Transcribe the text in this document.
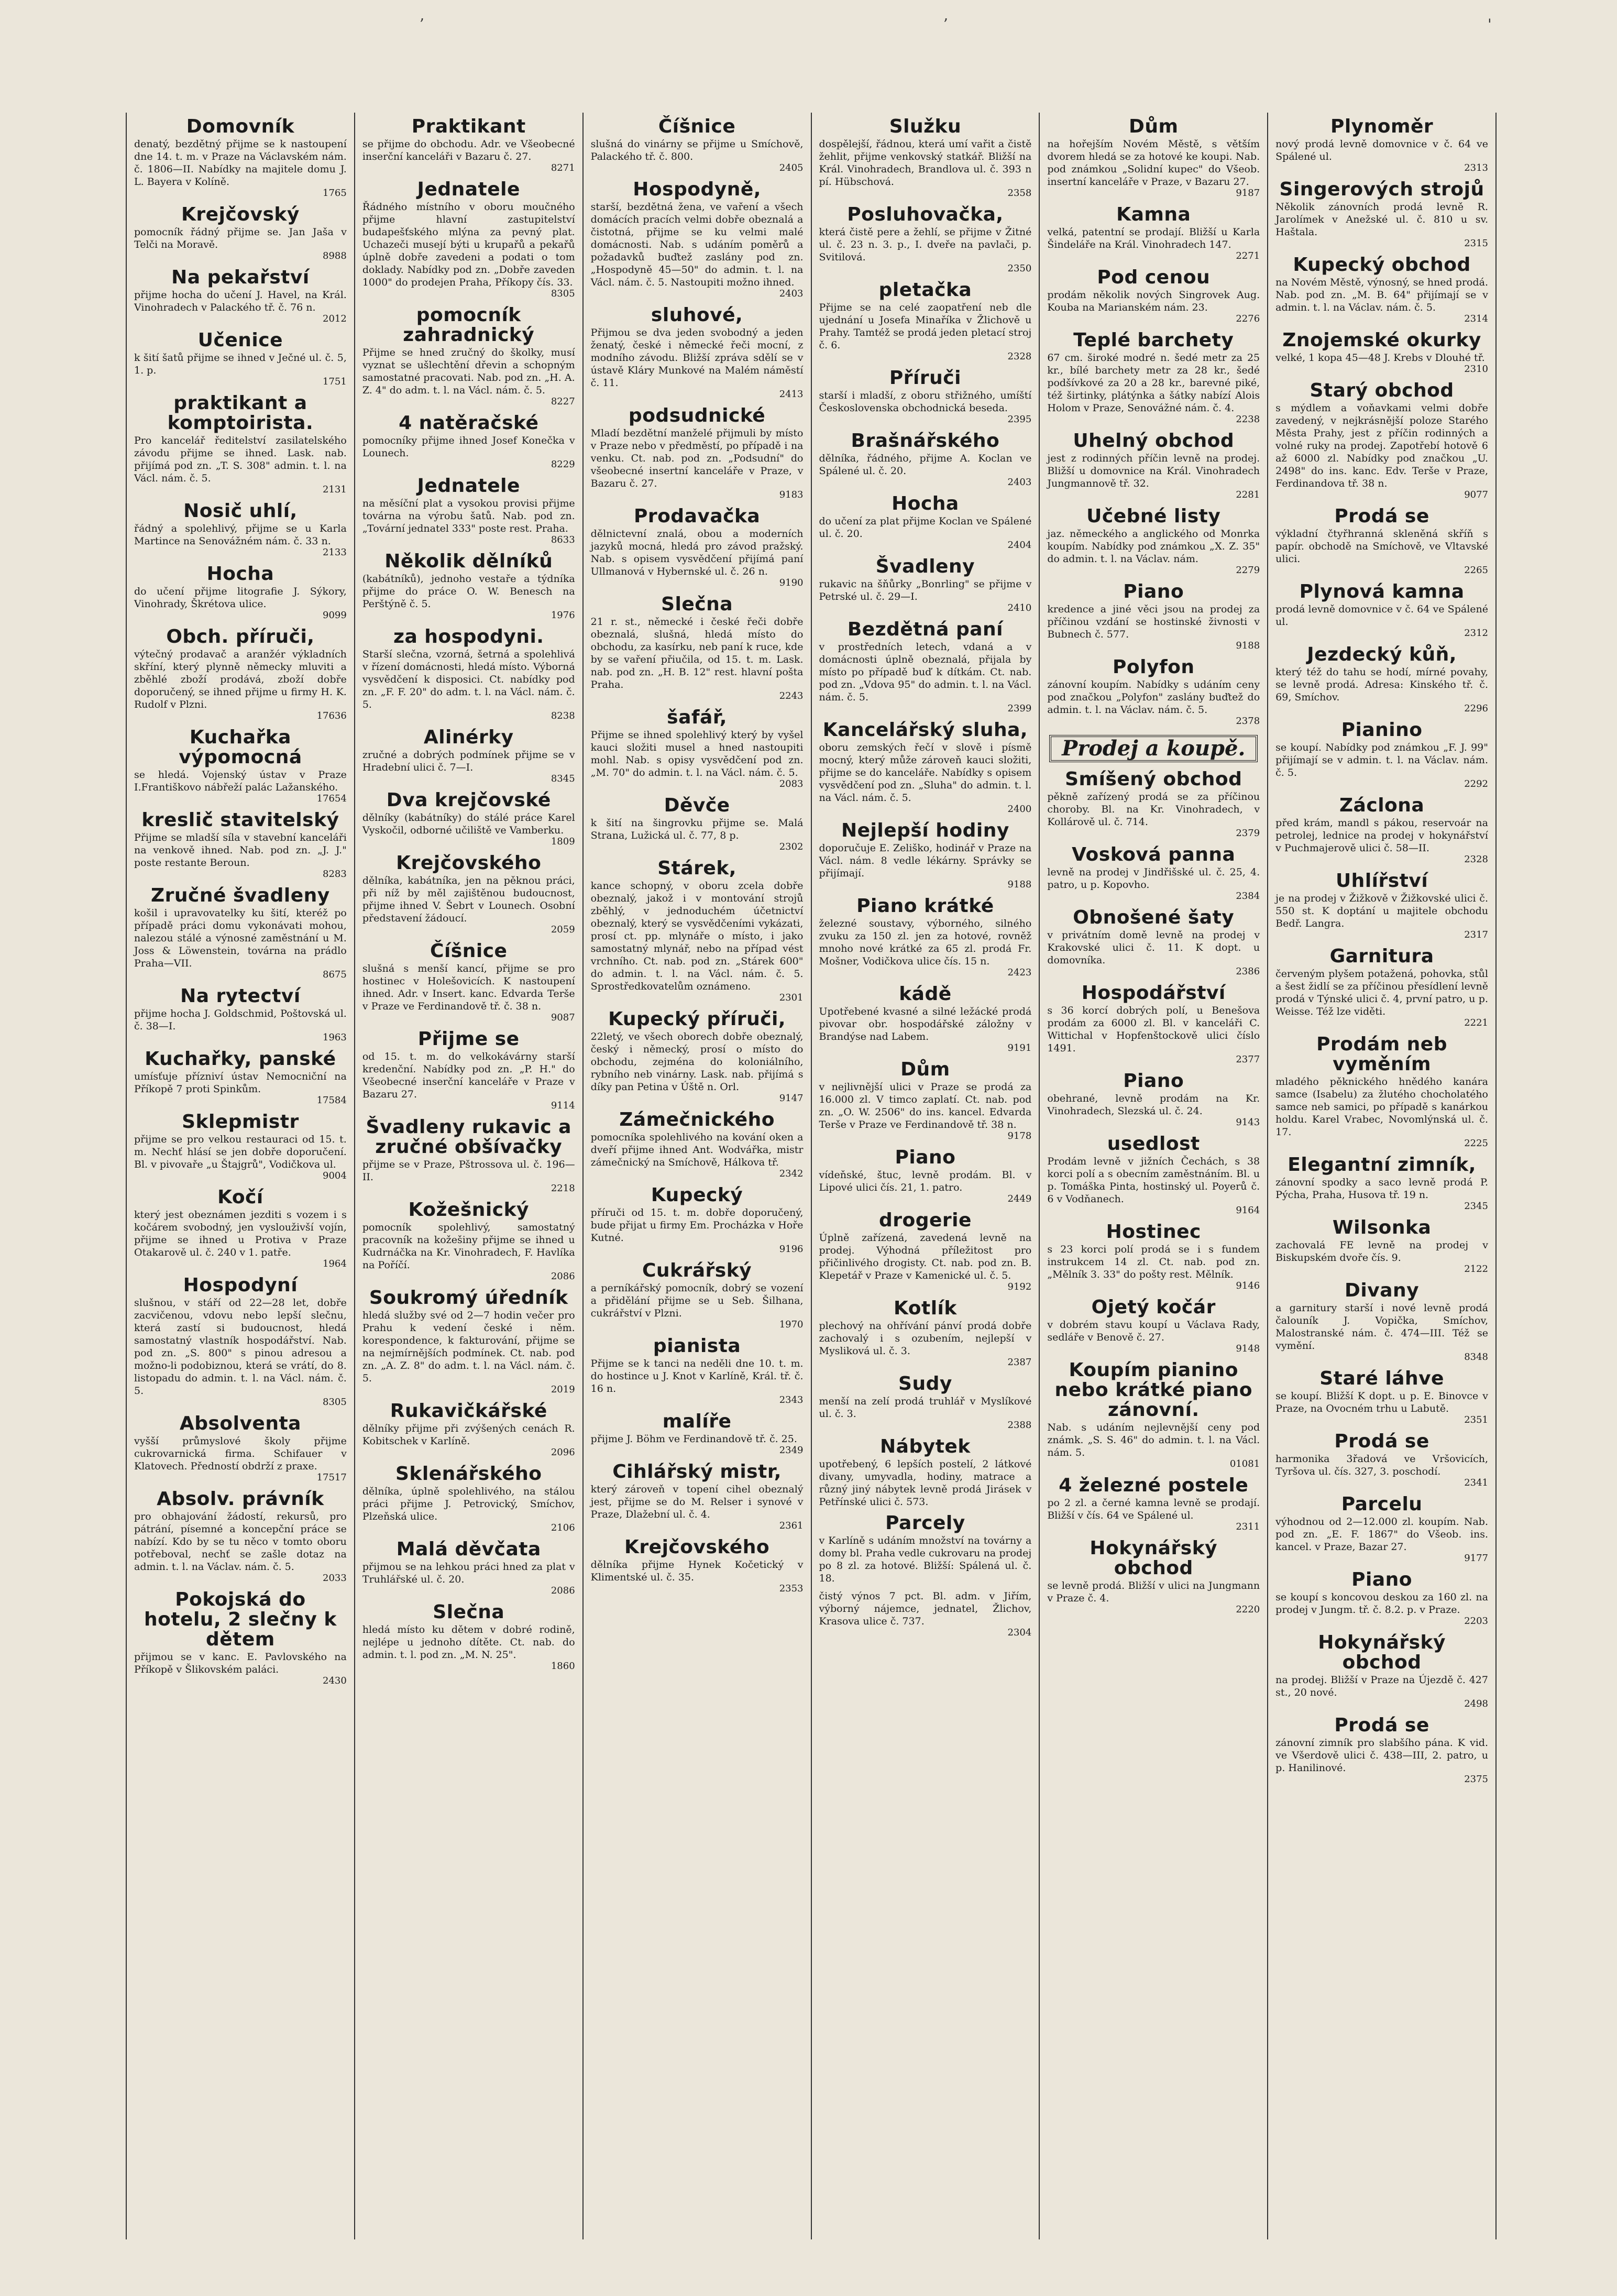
ʼ	ʼ	'
Domovník

denatý, bezdětný přijme se k nastoupení dne 14. t. m. v Praze na Václavském nám. č. 1806—II. Nabídky na majitele domu J. L. Bayera v Kolíně.

1765
Krejčovský

pomocník řádný přijme se. Jan Jaša v Telči na Moravě.

8988
Na pekařství

přijme hocha do učení J. Havel, na Král. Vinohradech v Palackého tř. č. 76 n.

2012
Učenice

k šití šatů přijme se ihned v Ječné ul. č. 5, 1. p.

1751
praktikant a komptoirista.

Pro kancelář ředitelství zasilatelského závodu přijme se ihned. Lask. nab. přijímá pod zn. „T. S. 308" admin. t. l. na Václ. nám. č. 5.

2131
Nosič uhlí,

řádný a spolehlivý, přijme se u Karla Martince na Senovážném nám. č. 33 n.

2133
Hocha

do učení přijme litografie J. Sýkory, Vinohrady, Škrétova ulice.

9099
Obch. příruči,

výtečný prodavač a aranžér výkladních skříní, který plynně německy mluviti a zběhlé zboží prodává, zboží dobře doporučený, se ihned přijme u firmy H. K. Rudolf v Plzni.

17636
Kuchařka výpomocná

se hledá. Vojenský ústav v Praze I.Františkovo nábřeží palác Lažanského.

17654
kreslič stavitelský

Přijme se mladší síla v stavební kanceláři na venkově ihned. Nab. pod zn. „J. J." poste restante Beroun.

8283
Zručné švadleny

košil i upravovatelky ku šití, kteréž po případě práci domu vykonávati mohou, nalezou stálé a výnosné zaměstnání u M. Joss & Löwenstein, továrna na prádlo Praha—VII.

8675
Na rytectví

přijme hocha J. Goldschmid, Poštovská ul. č. 38—I.

1963
Kuchařky, panské

umísťuje přízniví ústav Nemocniční na Příkopě 7 proti Spinkům.

17584
Sklepmistr

přijme se pro velkou restauraci od 15. t. m. Nechť hlásí se jen dobře doporučení. Bl. v pivovaře „u Štajgrů", Vodičkova ul.

9004
Kočí

který jest obeznámen jezditi s vozem i s kočárem svobodný, jen vyslouživší vojín, přijme se ihned u Protiva v Praze Otakarově ul. č. 240 v 1. patře.

1964
Hospodyní

slušnou, v stáří od 22—28 let, dobře zacvičenou, vdovu nebo lepší slečnu, která zastí si budoucnost, hledá samostatný vlastník hospodářství. Nab. pod zn. „S. 800" s pinou adresou a možno-li podobiznou, která se vrátí, do 8. listopadu do admin. t. l. na Václ. nám. č. 5.

8305
Absolventa

vyšší průmyslové školy přijme cukrovarnická firma. Schifauer v Klatovech. Předností obdrží z praxe.

17517
Absolv. právník

pro obhajování žádostí, rekursů, pro pátrání, písemné a koncepční práce se nabízí. Kdo by se tu něco v tomto oboru potřeboval, nechť se zašle dotaz na admin. t. l. na Václav. nám. č. 5.

2033
Pokojská do hotelu, 2 slečny k dětem

přijmou se v kanc. E. Pavlovského na Příkopě v Šlikovském paláci.

2430
Praktikant

se přijme do obchodu. Adr. ve Všeobecné inserční kanceláři v Bazaru č. 27.

8271
Jednatele

Řádného místního v oboru moučného přijme hlavní zastupitelství budapešťského mlýna za pevný plat. Uchazeči musejí býti u krupařů a pekařů úplně dobře zavedeni a podati o tom doklady. Nabídky pod zn. „Dobře zaveden 1000" do prodejen Praha, Příkopy čís. 33.

8305
pomocník zahradnický

Přijme se hned zručný do školky, musí vyznat se ušlechtění dřevin a schopným samostatné pracovati. Nab. pod zn. „H. A. Z. 4" do adm. t. l. na Václ. nám. č. 5.

8227
4 natěračské

pomocníky přijme ihned Josef Konečka v Lounech.

8229
Jednatele

na měsíční plat a vysokou provisi přijme továrna na výrobu šatů. Nab. pod zn. „Tovární jednatel 333" poste rest. Praha.

8633
Několik dělníků

(kabátníků), jednoho vestaře a týdníka přijme do práce O. W. Benesch na Perštýně č. 5.

1976
za hospodyni.

Starší slečna, vzorná, šetrná a spolehlivá v řízení domácnosti, hledá místo. Výborná vysvědčení k disposici. Ct. nabídky pod zn. „F. F. 20" do adm. t. l. na Václ. nám. č. 5.

8238
Alinérky

zručné a dobrých podmínek přijme se v Hradební ulici č. 7—I.

8345
Dva krejčovské

dělníky (kabátníky) do stálé práce Karel Vyskočil, odborné učiliště ve Vamberku.

1809
Krejčovského

dělníka, kabátníka, jen na pěknou práci, při níž by měl zajištěnou budoucnost, přijme ihned V. Šebrt v Lounech. Osobní představení žádoucí.

2059
Číšnice

slušná s menší kancí, přijme se pro hostinec v Holešovicích. K nastoupení ihned. Adr. v Insert. kanc. Edvarda Terše v Praze ve Ferdinandově tř. č. 38 n.

9087
Přijme se

od 15. t. m. do velkokávárny starší kredenční. Nabídky pod zn. „P. H." do Všeobecné inserční kanceláře v Praze v Bazaru 27.

9114
Švadleny rukavic a zručné obšívačky

přijme se v Praze, Pštrossova ul. č. 196—II.

2218
Kožešnický

pomocník spolehlivý, samostatný pracovník na kožešiny přijme se ihned u Kudrnáčka na Kr. Vinohradech, F. Havlíka na Poříčí.

2086
Soukromý úředník

hledá služby své od 2—7 hodin večer pro Prahu k vedení české i něm. korespondence, k fakturování, přijme se na nejmírnějších podmínek. Ct. nab. pod zn. „A. Z. 8" do adm. t. l. na Václ. nám. č. 5.

2019
Rukavičkářské

dělníky přijme při zvýšených cenách R. Kobitschek v Karlíně.

2096
Sklenářského

dělníka, úplně spolehlivého, na stálou práci přijme J. Petrovický, Smíchov, Plzeňská ulice.

2106
Malá děvčata

přijmou se na lehkou práci hned za plat v Truhlářské ul. č. 20.

2086
Slečna

hledá místo ku dětem v dobré rodině, nejlépe u jednoho dítěte. Ct. nab. do admin. t. l. pod zn. „M. N. 25".

1860
Číšnice

slušná do vinárny se přijme u Smíchově, Palackého tř. č. 800.

2405
Hospodyně,

starší, bezdětná žena, ve vaření a všech domácích pracích velmi dobře obeznalá a čistotná, přijme se ku velmi malé domácnosti. Nab. s udáním poměrů a požadavků buďtež zaslány pod zn. „Hospodyně 45—50" do admin. t. l. na Václ. nám. č. 5. Nastoupiti možno ihned.

2403
sluhové,

Přijmou se dva jeden svobodný a jeden ženatý, české i německé řeči mocní, z modního závodu. Bližší zpráva sdělí se v ústavě Kláry Munkové na Malém náměstí č. 11.

2413
podsudnické

Mladí bezdětní manželé přijmuli by místo v Praze nebo v předměstí, po případě i na venku. Ct. nab. pod zn. „Podsudní" do všeobecné insertní kanceláře v Praze, v Bazaru č. 27.

9183
Prodavačka

dělnictevní znalá, obou a moderních jazyků mocná, hledá pro závod pražský. Nab. s opisem vysvědčení přijímá paní Ullmanová v Hybernské ul. č. 26 n.

9190
Slečna

21 r. st., německé i české řeči dobře obeznalá, slušná, hledá místo do obchodu, za kasírku, neb paní k ruce, kde by se vaření přiučila, od 15. t. m. Lask. nab. pod zn. „H. B. 12" rest. hlavní pošta Praha.

2243
šafář,

Přijme se ihned spolehlivý který by vyšel kauci složiti musel a hned nastoupiti mohl. Nab. s opisy vysvědčení pod zn. „M. 70" do admin. t. l. na Václ. nám. č. 5.

2083
Děvče

k šití na šingrovku přijme se. Malá Strana, Lužická ul. č. 77, 8 p.

2302
Stárek,

kance schopný, v oboru zcela dobře obeznalý, jakož i v montování strojů zběhlý, v jednoduchém účetnictví obeznalý, který se vysvědčeními vykázati, prosí ct. pp. mlynáře o místo, i jako samostatný mlynář, nebo na případ vést vrchního. Ct. nab. pod zn. „Stárek 600" do admin. t. l. na Václ. nám. č. 5. Sprostředkovatelům oznámeno.

2301
Kupecký příruči,

22letý, ve všech oborech dobře obeznalý, český i německý, prosí o místo do obchodu, zejména do koloniálního, rybního neb vinárny. Lask. nab. přijímá s díky pan Petina v Úště n. Orl.

9147
Zámečnického

pomocníka spolehlivého na kování oken a dveří přijme ihned Ant. Wodvářka, mistr zámečnický na Smíchově, Hálkova tř.

2342
Kupecký

příruči od 15. t. m. dobře doporučený, bude přijat u firmy Em. Procházka v Hoře Kutné.

9196
Cukrářský

a perníkářský pomocník, dobrý se vození a přidělání přijme se u Seb. Šilhana, cukrářství v Plzni.

1970
pianista

Přijme se k tanci na neděli dne 10. t. m. do hostince u J. Knot v Karlíně, Král. tř. č. 16 n.

2343
malíře

přijme J. Böhm ve Ferdinandově tř. č. 25.

2349
Cihlářský mistr,

který zároveň v topení cihel obeznalý jest, přijme se do M. Relser i synové v Praze, Dlažební ul. č. 4.

2361
Krejčovského

dělníka přijme Hynek Kočetický v Klimentské ul. č. 35.

2353
Služku

dospělejší, řádnou, která umí vařit a čistě žehlit, přijme venkovský statkář. Bližší na Král. Vinohradech, Brandlova ul. č. 393 n pí. Hübschová.

2358
Posluhovačka,

která čistě pere a žehlí, se přijme v Žitné ul. č. 23 n. 3. p., I. dveře na pavlači, p. Svitilová.

2350
pletačka

Přijme se na celé zaopatření neb dle ujednání u Josefa Minaříka v Žlichově u Prahy. Tamtéž se prodá jeden pletací stroj č. 6.

2328
Příruči

starší i mladší, z oboru střižného, umíští Československa obchodnická beseda.

2395
Brašnářského

dělníka, řádného, přijme A. Koclan ve Spálené ul. č. 20.

2403
Hocha

do učení za plat přijme Koclan ve Spálené ul. č. 20.

2404
Švadleny

rukavic na šňůrky „Bonrling" se přijme v Petrské ul. č. 29—I.

2410
Bezdětná paní

v prostředních letech, vdaná a v domácnosti úplně obeznalá, přijala by místo po případě buď k dítkám. Ct. nab. pod zn. „Vdova 95" do admin. t. l. na Václ. nám. č. 5.

2399
Kancelářský sluha,

oboru zemských řečí v slově i písmě mocný, který může zároveň kauci složiti, přijme se do kanceláře. Nabídky s opisem vysvědčení pod zn. „Sluha" do admin. t. l. na Václ. nám. č. 5.

2400
Nejlepší hodiny

doporučuje E. Zeliško, hodinář v Praze na Václ. nám. 8 vedle lékárny. Správky se přijímají.

9188
Piano krátké

železné soustavy, výborného, silného zvuku za 150 zl. jen za hotové, rovněž mnoho nové krátké za 65 zl. prodá Fr. Mošner, Vodičkova ulice čís. 15 n.

2423
kádě

Upotřebené kvasné a silné ležácké prodá pivovar obr. hospodářské záložny v Brandýse nad Labem.

9191
Dům

v nejlivnější ulici v Praze se prodá za 16.000 zl. V timco zaplatí. Ct. nab. pod zn. „O. W. 2506" do ins. kancel. Edvarda Terše v Praze ve Ferdinandově tř. 38 n.

9178
Piano

vídeňské, štuc, levně prodám. Bl. v Lipové ulici čís. 21, 1. patro.

2449
drogerie

Úplně zařízená, zavedená levně na prodej. Výhodná příležitost pro přičinlivého drogisty. Ct. nab. pod zn. B. Klepetář v Praze v Kamenické ul. č. 5.

9192
Kotlík

plechový na ohřívání pánví prodá dobře zachovalý i s ozubením, nejlepší v Mysliková ul. č. 3.

2387
Sudy

menší na zelí prodá truhlář v Myslíkové ul. č. 3.

2388
Nábytek

upotřebený, 6 lepších postelí, 2 látkové divany, umyvadla, hodiny, matrace a různý jiný nábytek levně prodá Jirásek v Petřínské ulici č. 573.

Parcely

v Karlíně s udáním množství na továrny a domy bl. Praha vedle cukrovaru na prodej po 8 zl. za hotové. Bližší: Spálená ul. č. 18.

čistý výnos 7 pct. Bl. adm. v Jiřím, výborný nájemce, jednatel, Žlichov, Krasova ulice č. 737.

2304
Dům

na hořejším Novém Městě, s větším dvorem hledá se za hotové ke koupi. Nab. pod známkou „Solidní kupec" do Všeob. insertní kanceláře v Praze, v Bazaru 27.

9187
Kamna

velká, patentní se prodají. Bližší u Karla Šindeláře na Král. Vinohradech 147.

2271
Pod cenou

prodám několik nových Singrovek Aug. Kouba na Marianském nám. 23.

2276
Teplé barchety

67 cm. široké modré n. šedé metr za 25 kr., bílé barchety metr za 28 kr., šedé podšívkové za 20 a 28 kr., barevné piké, též širtinky, plátýnka a šátky nabízí Alois Holom v Praze, Senovážné nám. č. 4.

2238
Uhelný obchod

jest z rodinných příčin levně na prodej. Bližší u domovnice na Král. Vinohradech Jungmannově tř. 32.

2281
Učebné listy

jaz. německého a anglického od Monrka koupím. Nabídky pod známkou „X. Z. 35" do admin. t. l. na Václav. nám.

2279
Piano

kredence a jiné věci jsou na prodej za příčinou vzdání se hostinské živnosti v Bubnech č. 577.

9188
Polyfon

zánovní koupím. Nabídky s udáním ceny pod značkou „Polyfon" zaslány buďtež do admin. t. l. na Václav. nám. č. 5.

2378
Prodej a koupě.
Smíšený obchod

pěkně zařízený prodá se za příčinou choroby. Bl. na Kr. Vinohradech, v Kollárově ul. č. 714.

2379
Vosková panna

levně na prodej v Jindřišské ul. č. 25, 4. patro, u p. Kopovho.

2384
Obnošené šaty

v privátním domě levně na prodej v Krakovské ulici č. 11. K dopt. u domovníka.

2386
Hospodářství

s 36 korcí dobrých polí, u Benešova prodám za 6000 zl. Bl. v kanceláři C. Wittichal v Hopfenštockově ulici číslo 1491.

2377
Piano

obehrané, levně prodám na Kr. Vinohradech, Slezská ul. č. 24.

9143
usedlost

Prodám levně v jižních Čechách, s 38 korci polí a s obecním zaměstnáním. Bl. u p. Tomáška Pinta, hostinský ul. Poyerů č. 6 v Vodňanech.

9164
Hostinec

s 23 korci polí prodá se i s fundem instrukcem 14 zl. Ct. nab. pod zn. „Mělník 3. 33" do pošty rest. Mělník.

9146
Ojetý kočár

v dobrém stavu koupí u Václava Rady, sedláře v Benově č. 27.

9148
Koupím pianino nebo krátké piano zánovní.

Nab. s udáním nejlevnější ceny pod známk. „S. S. 46" do admin. t. l. na Václ. nám. 5.

01081
4 železné postele

po 2 zl. a černé kamna levně se prodají. Bližší v čís. 64 ve Spálené ul.

2311
Hokynářský obchod

se levně prodá. Bližší v ulici na Jungmann v Praze č. 4.

2220
Plynoměr

nový prodá levně domovnice v č. 64 ve Spálené ul.

2313
Singerových strojů

Několik zánovních prodá levně R. Jarolímek v Anežské ul. č. 810 u sv. Haštala.

2315
Kupecký obchod

na Novém Městě, výnosný, se hned prodá. Nab. pod zn. „M. B. 64" přijímají se v admin. t. l. na Václav. nám. č. 5.

2314
Znojemské okurky

velké, 1 kopa 45—48 J. Krebs v Dlouhé tř.

2310
Starý obchod

s mýdlem a voňavkami velmi dobře zavedený, v nejkrásnější poloze Starého Města Prahy, jest z příčin rodinných a volné ruky na prodej. Zapotřebí hotově 6 až 6000 zl. Nabídky pod značkou „U. 2498" do ins. kanc. Edv. Terše v Praze, Ferdinandova tř. 38 n.

9077
Prodá se

výkladní čtyřhranná skleněná skříň s papír. obchodě na Smíchově, ve Vltavské ulici.

2265
Plynová kamna

prodá levně domovnice v č. 64 ve Spálené ul.

2312
Jezdecký kůň,

který též do tahu se hodí, mírné povahy, se levně prodá. Adresa: Kinského tř. č. 69, Smíchov.

2296
Pianino

se koupí. Nabídky pod známkou „F. J. 99" přijímají se v admin. t. l. na Václav. nám. č. 5.

2292
Záclona

před krám, mandl s pákou, reservoár na petrolej, lednice na prodej v hokynářství v Puchmajerově ulici č. 58—II.

2328
Uhlířství

je na prodej v Žižkově v Žižkovské ulici č. 550 st. K doptání u majitele obchodu Bedř. Langra.

2317
Garnitura

červeným plyšem potažená, pohovka, stůl a šest židlí se za příčinou přesídlení levně prodá v Týnské ulici č. 4, první patro, u p. Weisse. Též lze viděti.

2221
Prodám neb vyměním

mladého pěknického hnědého kanára samce (Isabelu) za žlutého chocholatého samce neb samici, po případě s kanárkou holdu. Karel Vrabec, Novomlýnská ul. č. 17.

2225
Elegantní zimník,

zánovní spodky a saco levně prodá P. Pýcha, Praha, Husova tř. 19 n.

2345
Wilsonka

zachovalá FE levně na prodej v Biskupském dvoře čís. 9.

2122
Divany

a garnitury starší i nové levně prodá čalouník J. Vopička, Smíchov, Malostranské nám. č. 474—III. Též se vymění.

8348
Staré láhve

se koupí. Bližší K dopt. u p. E. Binovce v Praze, na Ovocném trhu u Labutě.

2351
Prodá se

harmonika 3řadová ve Vršovicích, Tyršova ul. čís. 327, 3. poschodí.

2341
Parcelu

výhodnou od 2—12.000 zl. koupím. Nab. pod zn. „E. F. 1867" do Všeob. ins. kancel. v Praze, Bazar 27.

9177
Piano

se koupí s koncovou deskou za 160 zl. na prodej v Jungm. tř. č. 8.2. p. v Praze.

2203
Hokynářský obchod

na prodej. Bližší v Praze na Újezdě č. 427 st., 20 nové.

2498
Prodá se

zánovní zimník pro slabšího pána. K vid. ve Všerdově ulici č. 438—III, 2. patro, u p. Hanilinové.

2375
